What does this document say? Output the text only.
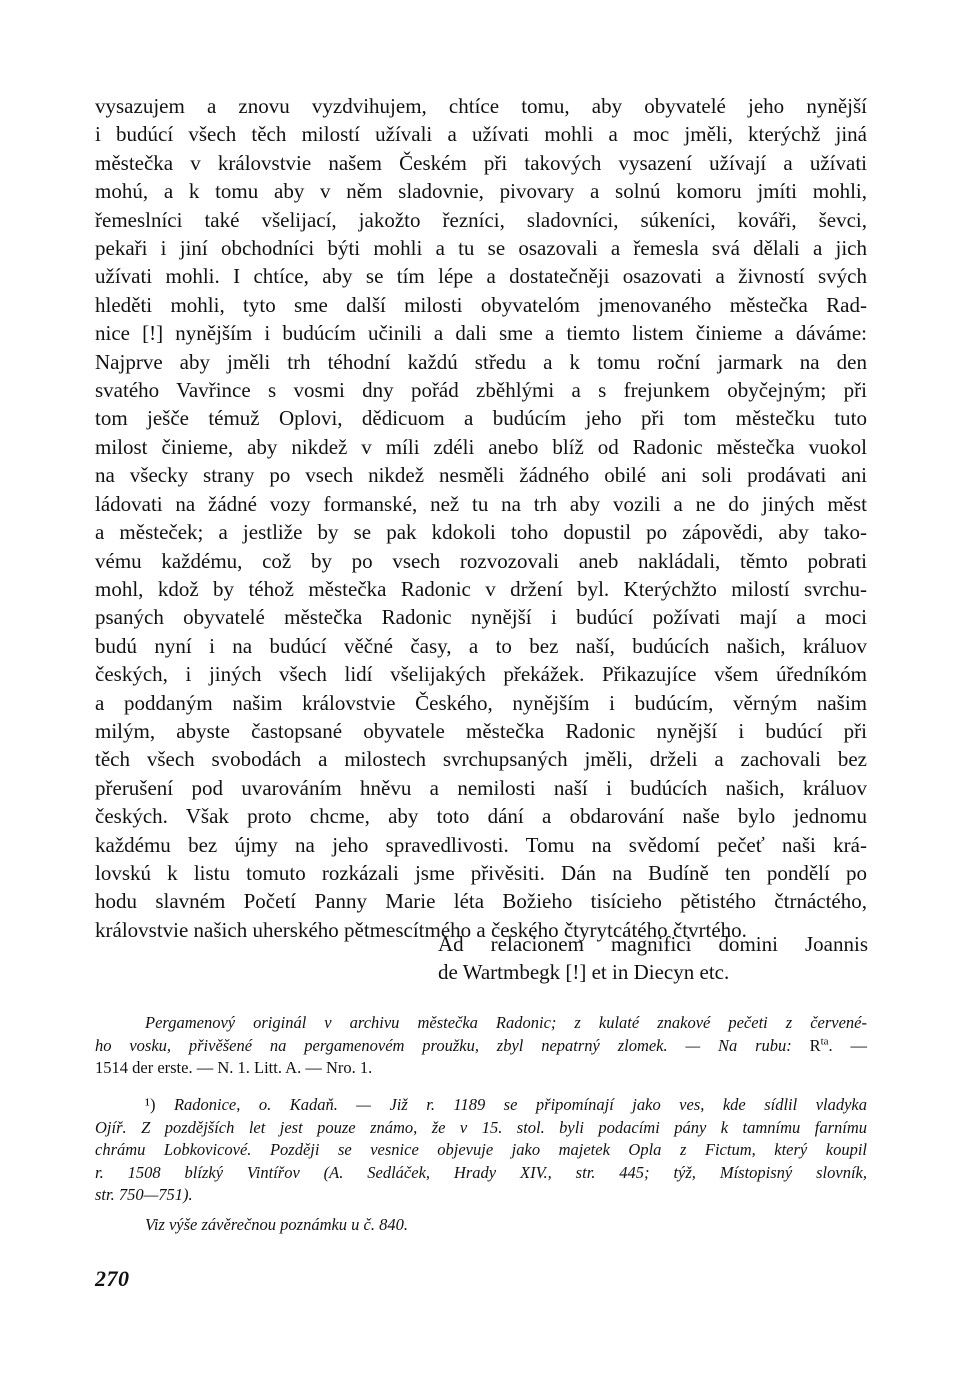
vysazujem a znovu vyzdvihujem, chtíce tomu, aby obyvatelé jeho nynější
i budúcí všech těch milostí užívali a užívati mohli a moc jměli, kterýchž jiná
městečka v královstvie našem Českém při takových vysazení užívají a užívati
mohú, a k tomu aby v něm sladovnie, pivovary a solnú komoru jmíti mohli,
řemeslníci také všelijací, jakožto řezníci, sladovníci, súkeníci, kováři, ševci,
pekaři i jiní obchodníci býti mohli a tu se osazovali a řemesla svá dělali a jich
užívati mohli. I chtíce, aby se tím lépe a dostatečněji osazovati a živností svých
hleděti mohli, tyto sme další milosti obyvatelóm jmenovaného městečka Rad-
nice [!] nynějším i budúcím učinili a dali sme a tiemto listem činieme a dáváme:
Najprve aby jměli trh téhodní každú středu a k tomu roční jarmark na den
svatého Vavřince s vosmi dny pořád zběhlými a s frejunkem obyčejným; při
tom ješče témuž Oplovi, dědicuom a budúcím jeho při tom městečku tuto
milost činieme, aby nikdež v míli zdéli anebo blíž od Radonic městečka vuokol
na všecky strany po vsech nikdež nesměli žádného obilé ani soli prodávati ani
ládovati na žádné vozy formanské, než tu na trh aby vozili a ne do jiných měst
a městeček; a jestliže by se pak kdokoli toho dopustil po zápovědi, aby tako-
vému každému, což by po vsech rozvozovali aneb nakládali, těmto pobrati
mohl, kdož by téhož městečka Radonic v držení byl. Kterýchžto milostí svrchu-
psaných obyvatelé městečka Radonic nynější i budúcí požívati mají a moci
budú nyní i na budúcí věčné časy, a to bez naší, budúcích našich, králuov
českých, i jiných všech lidí všelijakých překážek. Přikazujíce všem úředníkóm
a poddaným našim královstvie Českého, nynějším i budúcím, věrným našim
milým, abyste častopsané obyvatele městečka Radonic nynější i budúcí při
těch všech svobodách a milostech svrchupsaných jměli, drželi a zachovali bez
přerušení pod uvarováním hněvu a nemilosti naší i budúcích našich, králuov
českých. Však proto chcme, aby toto dání a obdarování naše bylo jednomu
každému bez újmy na jeho spravedlivosti. Tomu na svědomí pečeť naši krá-
lovskú k listu tomuto rozkázali jsme přivěsiti. Dán na Budíně ten pondělí po
hodu slavném Početí Panny Marie léta Božieho tisícieho pětistého čtrnáctého,
královstvie našich uherského pětmescítmého a českého čtyrytcátého čtvrtého.
Ad relacionem magnifici domini Joannis
de Wartmbegk [!] et in Diecyn etc.
Pergamenový originál v archivu městečka Radonic; z kulaté znakové pečeti z červené-
ho vosku, přivěšené na pergamenovém proužku, zbyl nepatrný zlomek. — Na rubu: $R^{ta}$. —
1514 der erste. — N. 1. Litt. A. — Nro. 1.
¹) Radonice, o. Kadaň. — Již r. 1189 se připomínají jako ves, kde sídlil vladyka
Ojíř. Z pozdějších let jest pouze známo, že v 15. stol. byli podacími pány k tamnímu farnímu
chrámu Lobkovicové. Později se vesnice objevuje jako majetek Opla z Fictum, který koupil
r. 1508 blízký Vintířov (A. Sedláček, Hrady XIV., str. 445; týž, Místopisný slovník,
str. 750—751).
Viz výše závěrečnou poznámku u č. 840.
270
